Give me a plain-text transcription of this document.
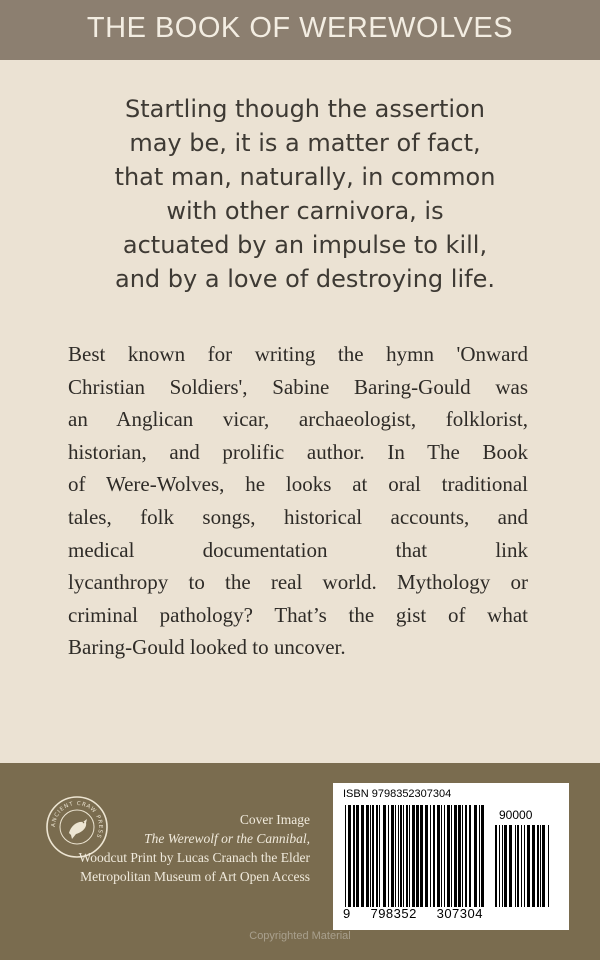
THE BOOK OF WEREWOLVES
Startling though the assertion
may be, it is a matter of fact,
that man, naturally, in common
with other carnivora, is
actuated by an impulse to kill,
and by a love of destroying life.
Best known for writing the hymn 'Onward
Christian Soldiers', Sabine Baring-Gould was
an Anglican vicar, archaeologist, folklorist,
historian, and prolific author. In The Book
of Were-Wolves, he looks at oral traditional
tales, folk songs, historical accounts, and
medical documentation that link
lycanthropy to the real world. Mythology or
criminal pathology? That’s the gist of what
Baring-Gould looked to uncover.
ANCIENT CRAW PRESS
Cover Image
The Werewolf or the Cannibal,
Woodcut Print by Lucas Cranach the Elder
Metropolitan Museum of Art Open Access
ISBN 9798352307304
90000
9 798352 307304
Copyrighted Material
